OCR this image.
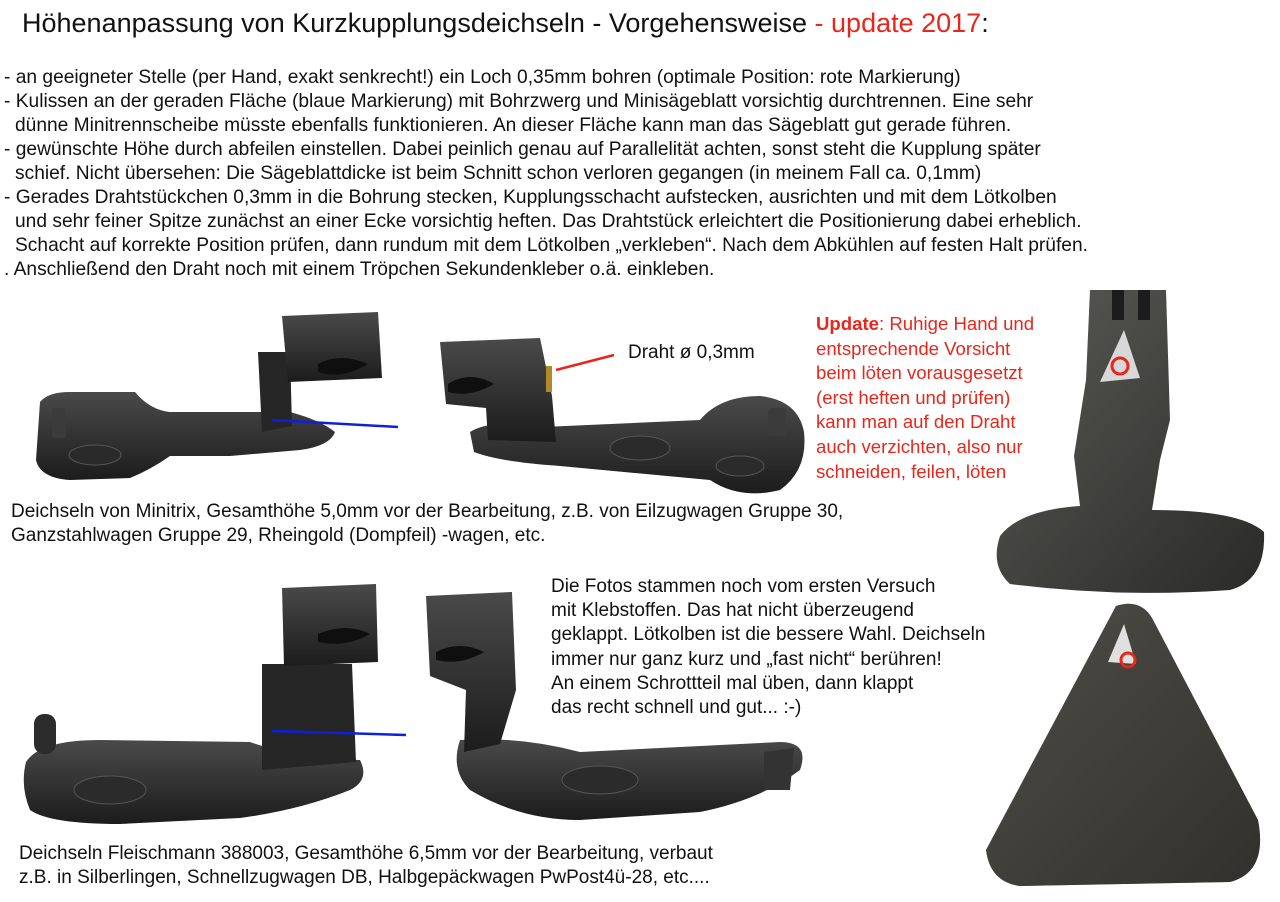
Höhenanpassung von Kurzkupplungsdeichseln - Vorgehensweise - update 2017:
- an geeigneter Stelle (per Hand, exakt senkrecht!) ein Loch 0,35mm bohren (optimale Position: rote Markierung)
- Kulissen an der geraden Fläche (blaue Markierung) mit Bohrzwerg und Minisägeblatt vorsichtig durchtrennen. Eine sehr
dünne Minitrennscheibe müsste ebenfalls funktionieren. An dieser Fläche kann man das Sägeblatt gut gerade führen.
- gewünschte Höhe durch abfeilen einstellen. Dabei peinlich genau auf Parallelität achten, sonst steht die Kupplung später
schief. Nicht übersehen: Die Sägeblattdicke ist beim Schnitt schon verloren gegangen (in meinem Fall ca. 0,1mm)
- Gerades Drahtstückchen 0,3mm in die Bohrung stecken, Kupplungsschacht aufstecken, ausrichten und mit dem Lötkolben
und sehr feiner Spitze zunächst an einer Ecke vorsichtig heften. Das Drahtstück erleichtert die Positionierung dabei erheblich.
Schacht auf korrekte Position prüfen, dann rundum mit dem Lötkolben „verkleben“. Nach dem Abkühlen auf festen Halt prüfen.
. Anschließend den Draht noch mit einem Tröpchen Sekundenkleber o.ä. einkleben.
Draht ø 0,3mm
Update: Ruhige Hand und
entsprechende Vorsicht
beim löten vorausgesetzt
(erst heften und prüfen)
kann man auf den Draht
auch verzichten, also nur
schneiden, feilen, löten
Deichseln von Minitrix, Gesamthöhe 5,0mm vor der Bearbeitung, z.B. von Eilzugwagen Gruppe 30,
Ganzstahlwagen Gruppe 29, Rheingold (Dompfeil) -wagen, etc.
Die Fotos stammen noch vom ersten Versuch
mit Klebstoffen. Das hat nicht überzeugend
geklappt. Lötkolben ist die bessere Wahl. Deichseln
immer nur ganz kurz und „fast nicht“ berühren!
An einem Schrottteil mal üben, dann klappt
das recht schnell und gut... :-)
Deichseln Fleischmann 388003, Gesamthöhe 6,5mm vor der Bearbeitung, verbaut
z.B. in Silberlingen, Schnellzugwagen DB, Halbgepäckwagen PwPost4ü-28, etc....
